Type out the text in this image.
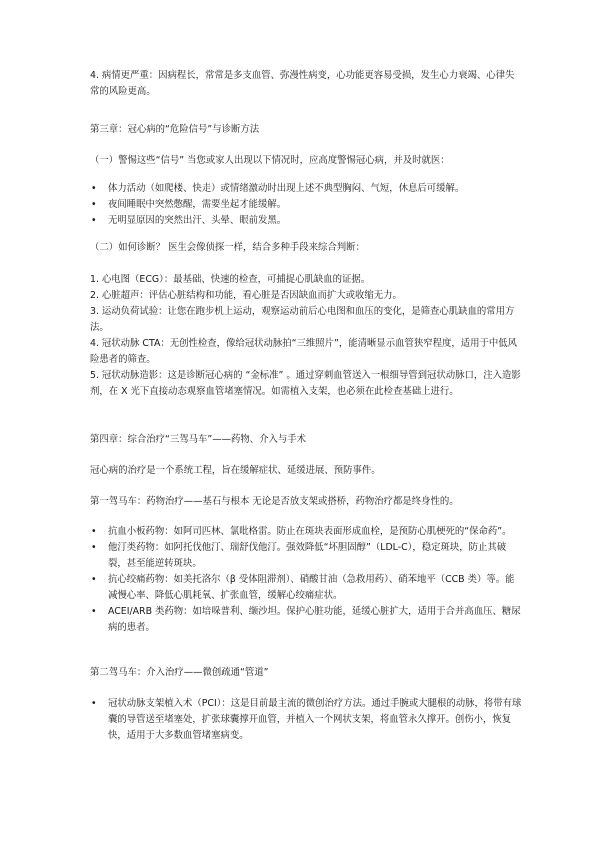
4. 病情更严重：因病程长，常常是多支血管、弥漫性病变，心功能更容易受损，发生心力衰竭、心律失常的风险更高。

第三章：冠心病的“危险信号”与诊断方法

（一）警惕这些“信号” 当您或家人出现以下情况时，应高度警惕冠心病，并及时就医：

• 体力活动（如爬楼、快走）或情绪激动时出现上述不典型胸闷、气短，休息后可缓解。
• 夜间睡眠中突然憋醒，需要坐起才能缓解。
• 无明显原因的突然出汗、头晕、眼前发黑。

（二）如何诊断？ 医生会像侦探一样，结合多种手段来综合判断：

1. 心电图（ECG）：最基础、快速的检查，可捕捉心肌缺血的证据。
2. 心脏超声：评估心脏结构和功能，看心脏是否因缺血而扩大或收缩无力。
3. 运动负荷试验：让您在跑步机上运动，观察运动前后心电图和血压的变化，是筛查心肌缺血的常用方法。
4. 冠状动脉 CTA：无创性检查，像给冠状动脉拍“三维照片”，能清晰显示血管狭窄程度，适用于中低风险患者的筛查。
5. 冠状动脉造影：这是诊断冠心病的 “金标准” 。通过穿刺血管送入一根细导管到冠状动脉口，注入造影剂，在 X 光下直接动态观察血管堵塞情况。如需植入支架，也必须在此检查基础上进行。

第四章：综合治疗“三驾马车”——药物、介入与手术

冠心病的治疗是一个系统工程，旨在缓解症状、延缓进展、预防事件。

第一驾马车：药物治疗——基石与根本 无论是否放支架或搭桥，药物治疗都是终身性的。

• 抗血小板药物：如阿司匹林、氯吡格雷。防止在斑块表面形成血栓，是预防心肌梗死的“保命药”。
• 他汀类药物：如阿托伐他汀、瑞舒伐他汀。强效降低“坏胆固醇”（LDL-C），稳定斑块，防止其破裂，甚至能逆转斑块。
• 抗心绞痛药物：如美托洛尔（β 受体阻滞剂）、硝酸甘油（急救用药）、硝苯地平（CCB 类）等。能减慢心率、降低心肌耗氧、扩张血管，缓解心绞痛症状。
• ACEI/ARB 类药物：如培哚普利、缬沙坦。保护心脏功能，延缓心脏扩大，适用于合并高血压、糖尿病的患者。

第二驾马车：介入治疗——微创疏通“管道”

• 冠状动脉支架植入术（PCI）：这是目前最主流的微创治疗方法。通过手腕或大腿根的动脉，将带有球囊的导管送至堵塞处，扩张球囊撑开血管，并植入一个网状支架，将血管永久撑开。创伤小，恢复快，适用于大多数血管堵塞病变。
